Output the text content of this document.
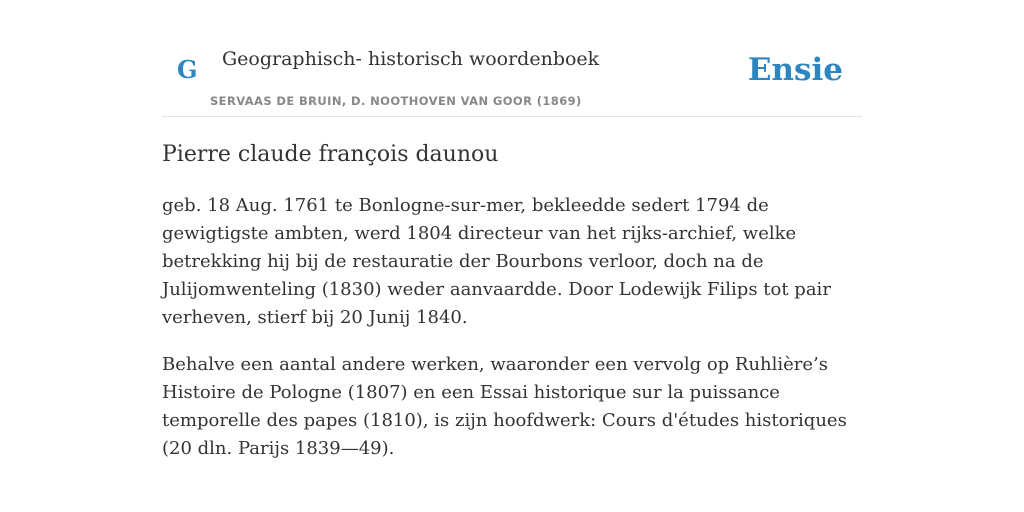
G Geographisch- historisch woordenboek
SERVAAS DE BRUIN, D. NOOTHOVEN VAN GOOR (1869)
Ensie
Pierre claude françois daunou

geb. 18 Aug. 1761 te Bonlogne-sur-mer, bekleedde sedert 1794 de gewigtigste ambten, werd 1804 directeur van het rijks-archief, welke betrekking hij bij de restauratie der Bourbons verloor, doch na de Julijomwenteling (1830) weder aanvaardde. Door Lodewijk Filips tot pair verheven, stierf bij 20 Junij 1840.

Behalve een aantal andere werken, waaronder een vervolg op Ruhlière’s Histoire de Pologne (1807) en een Essai historique sur la puissance temporelle des papes (1810), is zijn hoofdwerk: Cours d'études historiques (20 dln. Parijs 1839—49).
